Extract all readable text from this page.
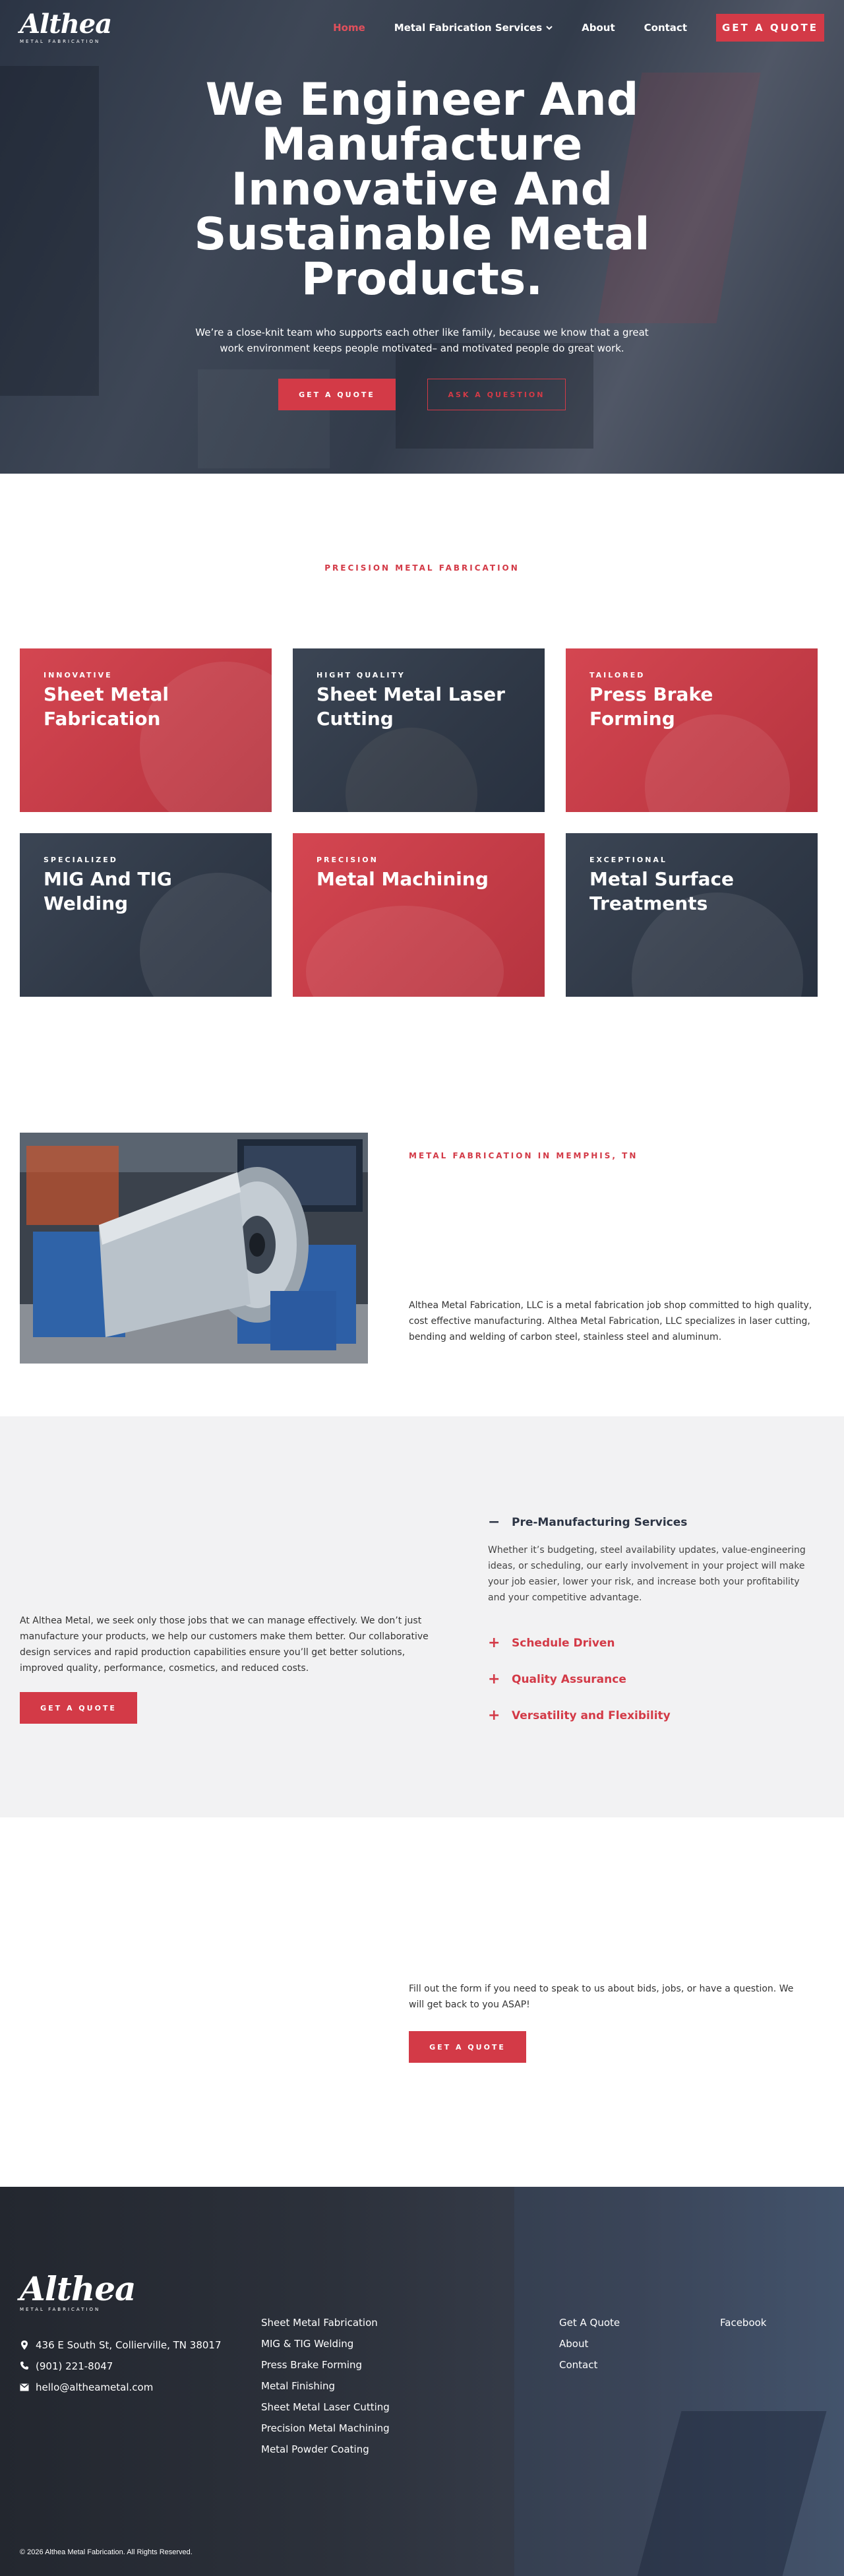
Althea
METAL FABRICATION
Home	Metal Fabrication Services	About	Contact	GET A QUOTE
We Engineer And Manufacture Innovative And Sustainable Metal Products.

We’re a close-knit team who supports each other like family, because we know that a great work environment keeps people motivated– and motivated people do great work.

GET A QUOTE	ASK A QUESTION
PRECISION METAL FABRICATION
INNOVATIVE
Sheet Metal Fabrication
HIGHT QUALITY
Sheet Metal Laser Cutting
TAILORED
Press Brake Forming
SPECIALIZED
MIG And TIG Welding
PRECISION
Metal Machining
EXCEPTIONAL
Metal Surface Treatments
METAL FABRICATION IN MEMPHIS, TN

Althea Metal Fabrication, LLC is a metal fabrication job shop committed to high quality, cost effective manufacturing. Althea Metal Fabrication, LLC specializes in laser cutting, bending and welding of carbon steel, stainless steel and aluminum.

At Althea Metal, we seek only those jobs that we can manage effectively. We don’t just manufacture your products, we help our customers make them better. Our collaborative design services and rapid production capabilities ensure you’ll get better solutions, improved quality, performance, cosmetics, and reduced costs.

GET A QUOTE
− Pre-Manufacturing Services
Whether it’s budgeting, steel availability updates, value-engineering ideas, or scheduling, our early involvement in your project will make your job easier, lower your risk, and increase both your profitability and your competitive advantage.
+ Schedule Driven
+ Quality Assurance
+ Versatility and Flexibility

Fill out the form if you need to speak to us about bids, jobs, or have a question. We will get back to you ASAP!

GET A QUOTE
Althea
METAL FABRICATION
436 E South St, Collierville, TN 38017
(901) 221-8047
hello@altheametal.com
Sheet Metal Fabrication
MIG & TIG Welding
Press Brake Forming
Metal Finishing
Sheet Metal Laser Cutting
Precision Metal Machining
Metal Powder Coating
Get A Quote
About
Contact
Facebook
© 2026 Althea Metal Fabrication. All Rights Reserved.
